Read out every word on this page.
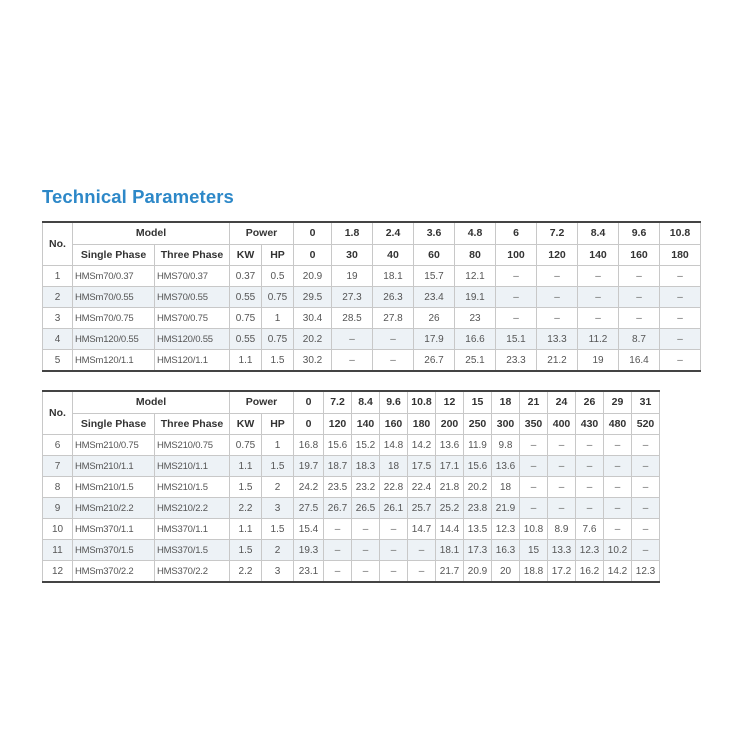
Technical Parameters
No.	Model		Power		0	1.8	2.4	3.6	4.8	6	7.2	8.4	9.6	10.8
	Single Phase	Three Phase	KW	HP	0	30	40	60	80	100	120	140	160	180
1	HMSm70/0.37	HMS70/0.37	0.37	0.5	20.9	19	18.1	15.7	12.1	–	–	–	–	–
2	HMSm70/0.55	HMS70/0.55	0.55	0.75	29.5	27.3	26.3	23.4	19.1	–	–	–	–	–
3	HMSm70/0.75	HMS70/0.75	0.75	1	30.4	28.5	27.8	26	23	–	–	–	–	–
4	HMSm120/0.55	HMS120/0.55	0.55	0.75	20.2	–	–	17.9	16.6	15.1	13.3	11.2	8.7	–
5	HMSm120/1.1	HMS120/1.1	1.1	1.5	30.2	–	–	26.7	25.1	23.3	21.2	19	16.4	–
No.	Model		Power		0	7.2	8.4	9.6	10.8	12	15	18	21	24	26	29	31
	Single Phase	Three Phase	KW	HP	0	120	140	160	180	200	250	300	350	400	430	480	520
6	HMSm210/0.75	HMS210/0.75	0.75	1	16.8	15.6	15.2	14.8	14.2	13.6	11.9	9.8	–	–	–	–	–
7	HMSm210/1.1	HMS210/1.1	1.1	1.5	19.7	18.7	18.3	18	17.5	17.1	15.6	13.6	–	–	–	–	–
8	HMSm210/1.5	HMS210/1.5	1.5	2	24.2	23.5	23.2	22.8	22.4	21.8	20.2	18	–	–	–	–	–
9	HMSm210/2.2	HMS210/2.2	2.2	3	27.5	26.7	26.5	26.1	25.7	25.2	23.8	21.9	–	–	–	–	–
10	HMSm370/1.1	HMS370/1.1	1.1	1.5	15.4	–	–	–	14.7	14.4	13.5	12.3	10.8	8.9	7.6	–	–
11	HMSm370/1.5	HMS370/1.5	1.5	2	19.3	–	–	–	–	18.1	17.3	16.3	15	13.3	12.3	10.2	–
12	HMSm370/2.2	HMS370/2.2	2.2	3	23.1	–	–	–	–	21.7	20.9	20	18.8	17.2	16.2	14.2	12.3
